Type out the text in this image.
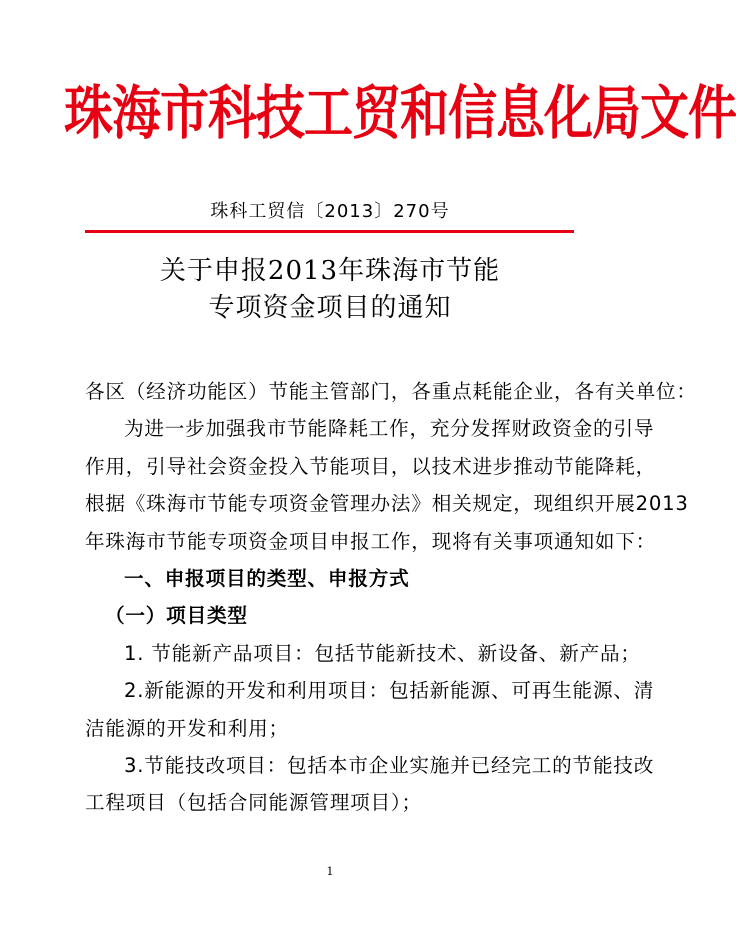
珠海市科技工贸和信息化局文件
珠科工贸信〔2013〕270号
关于申报2013年珠海市节能
专项资金项目的通知

各区（经济功能区）节能主管部门，各重点耗能企业，各有关单位：

为进一步加强我市节能降耗工作，充分发挥财政资金的引导

作用，引导社会资金投入节能项目，以技术进步推动节能降耗，

根据《珠海市节能专项资金管理办法》相关规定，现组织开展2013

年珠海市节能专项资金项目申报工作，现将有关事项通知如下：

一、申报项目的类型、申报方式

（一）项目类型

1. 节能新产品项目：包括节能新技术、新设备、新产品；

2.新能源的开发和利用项目：包括新能源、可再生能源、清

洁能源的开发和利用；

3.节能技改项目：包括本市企业实施并已经完工的节能技改

工程项目（包括合同能源管理项目）；

1
